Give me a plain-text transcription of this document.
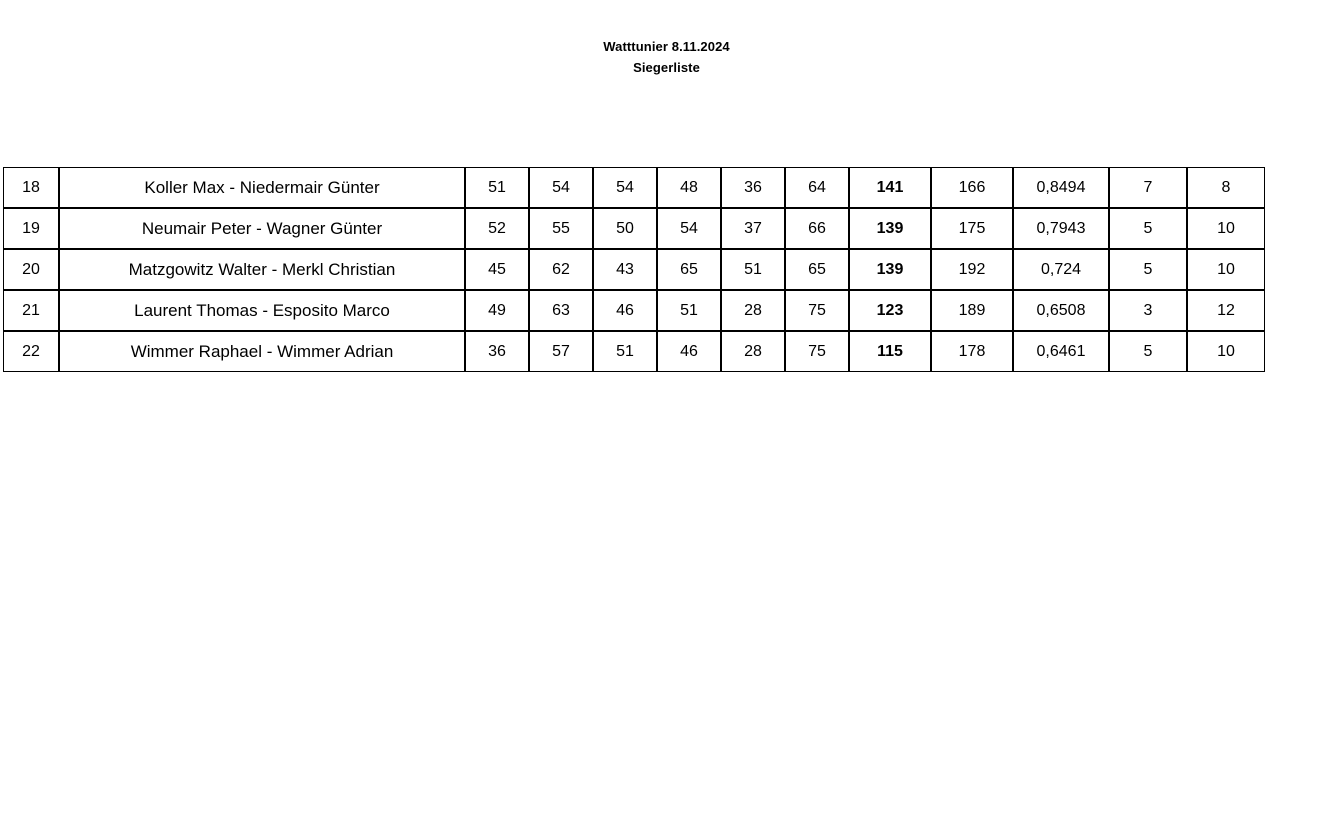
Watttunier 8.11.2024
Siegerliste
18	Koller Max - Niedermair Günter		51	54		54	48		36	64		141	166		0,8494		7	8
19	Neumair Peter - Wagner Günter		52	55		50	54		37	66		139	175		0,7943		5	10
20	Matzgowitz Walter - Merkl Christian		45	62		43	65		51	65		139	192		0,724		5	10
21	Laurent Thomas - Esposito Marco		49	63		46	51		28	75		123	189		0,6508		3	12
22	Wimmer Raphael - Wimmer Adrian		36	57		51	46		28	75		115	178		0,6461		5	10
